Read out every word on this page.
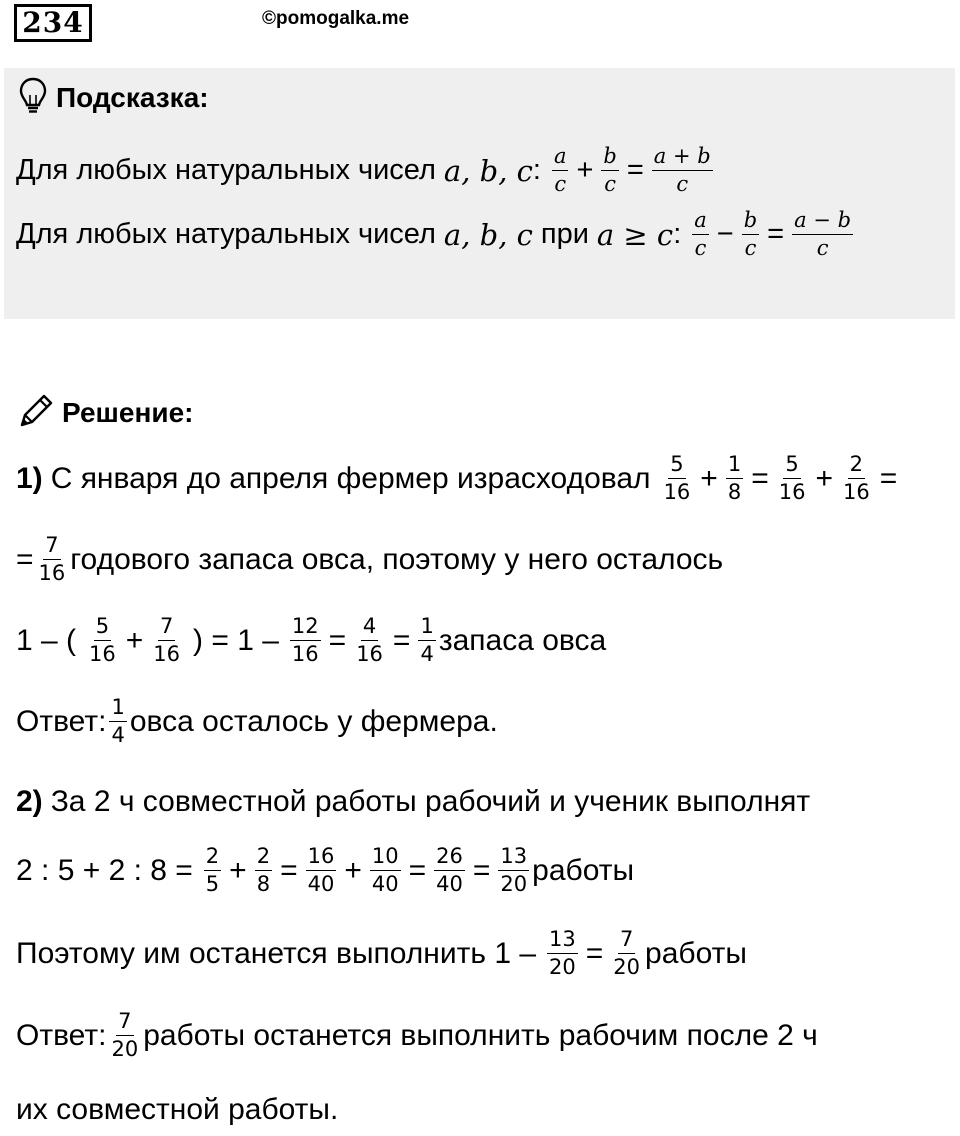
234	©pomogalka.me
Подсказка:
Для любых натуральных чисел a, b, c : $\frac{a}{c} + \frac{b}{c} = \frac{a + b}{c}$
Для любых натуральных чисел a, b, c при a ≥ c : $\frac{a}{c} - \frac{b}{c} = \frac{a - b}{c}$
Решение:
1) С января до апреля фермер израсходовал $\frac{5}{16} + \frac{1}{8} = \frac{5}{16} + \frac{2}{16}$ =
= $\frac{7}{16}$ годового запаса овса, поэтому у него осталось
1 – ( $\frac{5}{16} + \frac{7}{16}$ ) = $1 - \frac{12}{16} = \frac{4}{16} = \frac{1}{4}$ запаса овса
Ответ: $\frac{1}{4}$ овса осталось у фермера.
2) За 2 ч совместной работы рабочий и ученик выполнят
2 : 5 + 2 : $8 = \frac{2}{5} + \frac{2}{8} = \frac{16}{40} + \frac{10}{40} = \frac{26}{40} = \frac{13}{20}$ работы
Поэтому им останется выполнить $1 - \frac{13}{20} = \frac{7}{20}$ работы
Ответ: $\frac{7}{20}$ работы останется выполнить рабочим после 2 ч
их совместной работы.
